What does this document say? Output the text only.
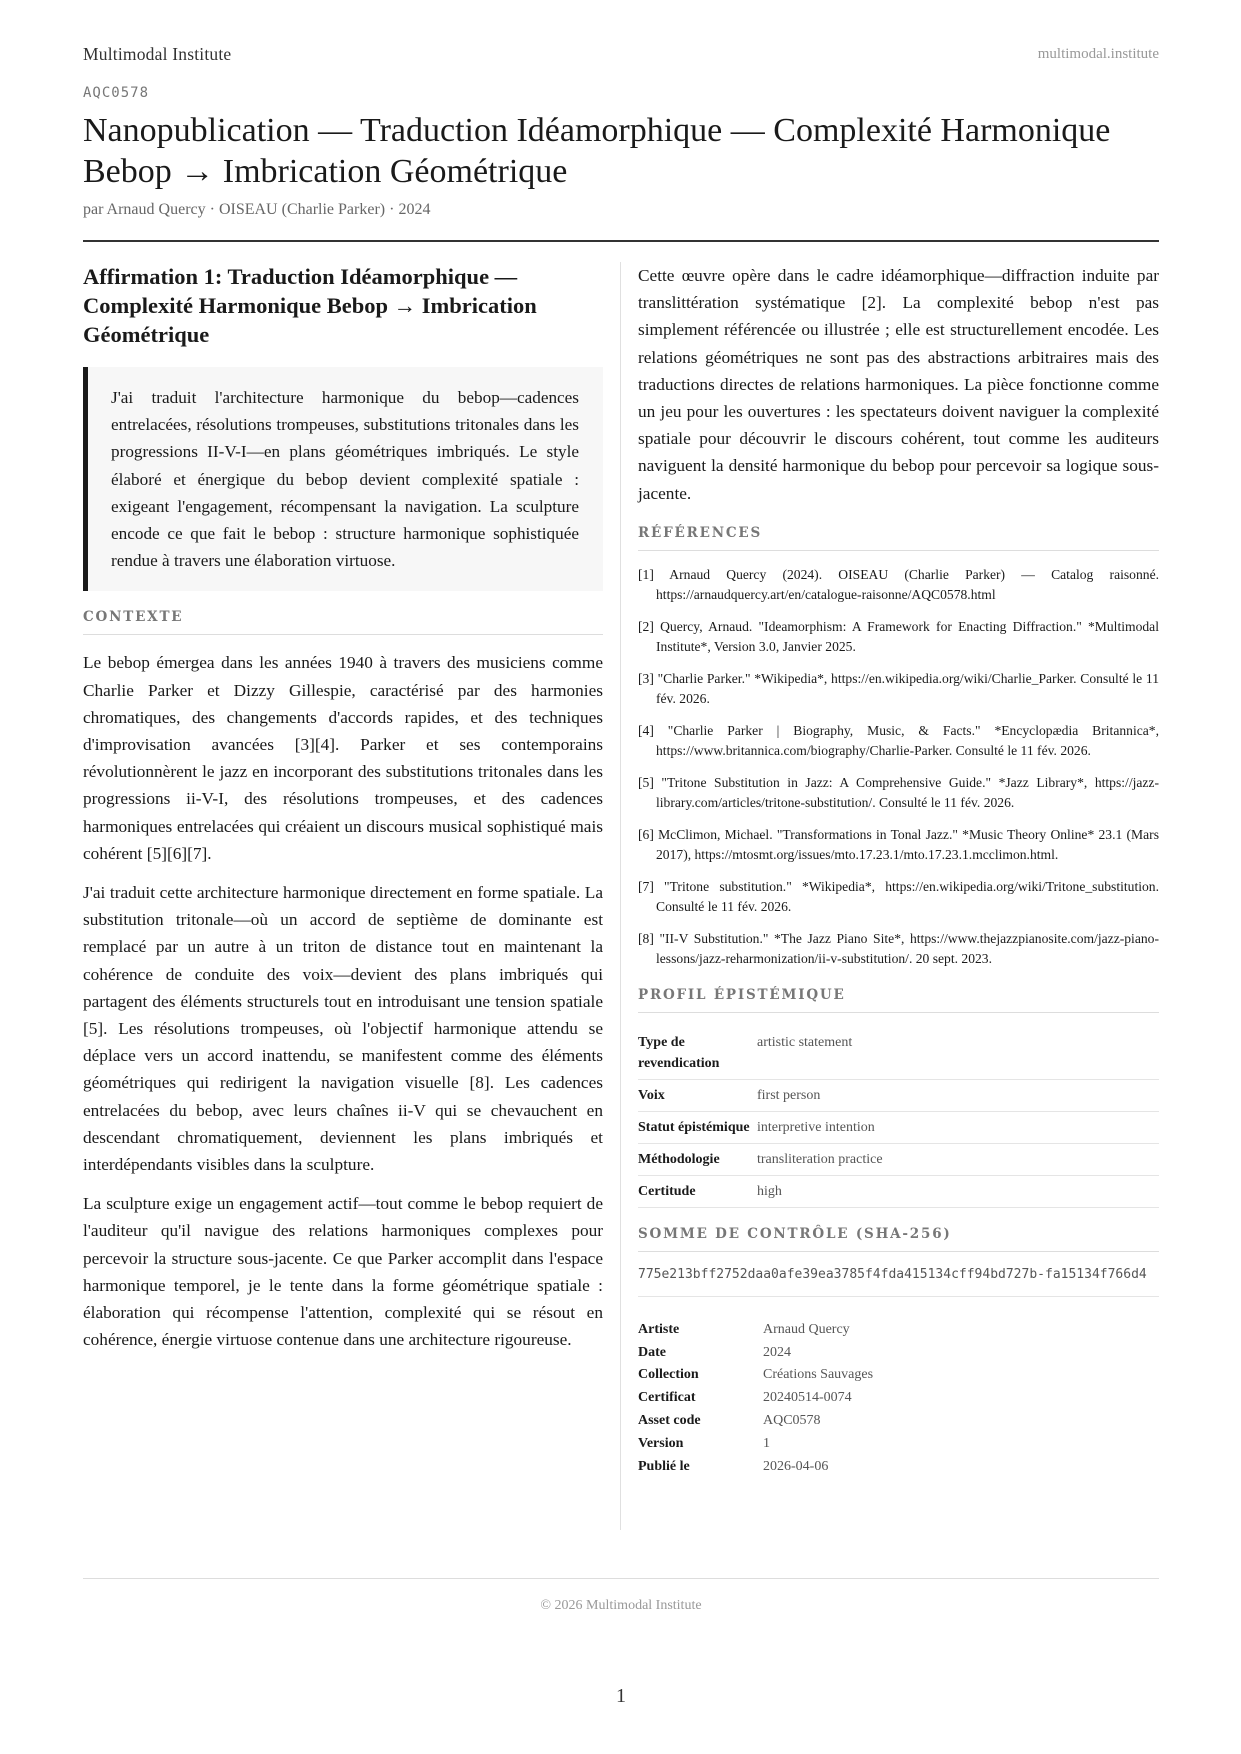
Multimodal Institute	multimodal.institute
AQC0578
Nanopublication — Traduction Idéamorphique — Complexité Harmonique Bebop → Imbrication Géométrique
par Arnaud Quercy · OISEAU (Charlie Parker) · 2024
Affirmation 1: Traduction Idéamorphique — Complexité Harmonique Bebop → Imbrication Géométrique
J'ai traduit l'architecture harmonique du bebop—cadences entrelacées, résolutions trompeuses, substitutions tritonales dans les progressions II-V-I—en plans géométriques imbriqués. Le style élaboré et énergique du bebop devient complexité spatiale : exigeant l'engagement, récompensant la navigation. La sculpture encode ce que fait le bebop : structure harmonique sophistiquée rendue à travers une élaboration virtuose.
CONTEXTE

Le bebop émergea dans les années 1940 à travers des musiciens comme Charlie Parker et Dizzy Gillespie, caractérisé par des harmonies chromatiques, des changements d'accords rapides, et des techniques d'improvisation avancées [3][4]. Parker et ses contemporains révolutionnèrent le jazz en incorporant des substitutions tritonales dans les progressions ii-V-I, des résolutions trompeuses, et des cadences harmoniques entrelacées qui créaient un discours musical sophistiqué mais cohérent [5][6][7].

J'ai traduit cette architecture harmonique directement en forme spatiale. La substitution tritonale—où un accord de septième de dominante est remplacé par un autre à un triton de distance tout en maintenant la cohérence de conduite des voix—devient des plans imbriqués qui partagent des éléments structurels tout en introduisant une tension spatiale [5]. Les résolutions trompeuses, où l'objectif harmonique attendu se déplace vers un accord inattendu, se manifestent comme des éléments géométriques qui redirigent la navigation visuelle [8]. Les cadences entrelacées du bebop, avec leurs chaînes ii-V qui se chevauchent en descendant chromatiquement, deviennent les plans imbriqués et interdépendants visibles dans la sculpture.

La sculpture exige un engagement actif—tout comme le bebop requiert de l'auditeur qu'il navigue des relations harmoniques complexes pour percevoir la structure sous-jacente. Ce que Parker accomplit dans l'espace harmonique temporel, je le tente dans la forme géométrique spatiale : élaboration qui récompense l'attention, complexité qui se résout en cohérence, énergie virtuose contenue dans une architecture rigoureuse.

Cette œuvre opère dans le cadre idéamorphique—diffraction induite par translittération systématique [2]. La complexité bebop n'est pas simplement référencée ou illustrée ; elle est structurellement encodée. Les relations géométriques ne sont pas des abstractions arbitraires mais des traductions directes de relations harmoniques. La pièce fonctionne comme un jeu pour les ouvertures : les spectateurs doivent naviguer la complexité spatiale pour découvrir le discours cohérent, tout comme les auditeurs naviguent la densité harmonique du bebop pour percevoir sa logique sous-jacente.

RÉFÉRENCES
[1] Arnaud Quercy (2024). OISEAU (Charlie Parker) — Catalog raisonné. https://arnaudquercy.art/en/catalogue-raisonne/AQC0578.html
[2] Quercy, Arnaud. "Ideamorphism: A Framework for Enacting Diffraction." *Multimodal Institute*, Version 3.0, Janvier 2025.
[3] "Charlie Parker." *Wikipedia*, https://en.wikipedia.org/wiki/Charlie_Parker. Consulté le 11 fév. 2026.
[4] "Charlie Parker | Biography, Music, & Facts." *Encyclopædia Britannica*, https://www.britannica.com/biography/Charlie-Parker. Consulté le 11 fév. 2026.
[5] "Tritone Substitution in Jazz: A Comprehensive Guide." *Jazz Library*, https://jazz-library.com/articles/tritone-substitution/. Consulté le 11 fév. 2026.
[6] McClimon, Michael. "Transformations in Tonal Jazz." *Music Theory Online* 23.1 (Mars 2017), https://mtosmt.org/issues/mto.17.23.1/mto.17.23.1.mcclimon.html.
[7] "Tritone substitution." *Wikipedia*, https://en.wikipedia.org/wiki/Tritone_substitution. Consulté le 11 fév. 2026.
[8] "II-V Substitution." *The Jazz Piano Site*, https://www.thejazzpianosite.com/jazz-piano-lessons/jazz-reharmonization/ii-v-substitution/. 20 sept. 2023.
PROFIL ÉPISTÉMIQUE
Type de revendication	artistic statement
Voix	first person
Statut épistémique	interpretive intention
Méthodologie	transliteration practice
Certitude	high
SOMME DE CONTRÔLE (SHA-256)
775e213bff2752daa0afe39ea3785f4fda415134cff94bd727b-fa15134f766d4
Artiste	Arnaud Quercy
Date	2024
Collection	Créations Sauvages
Certificat	20240514-0074
Asset code	AQC0578
Version	1
Publié le	2026-04-06
© 2026 Multimodal Institute
1
